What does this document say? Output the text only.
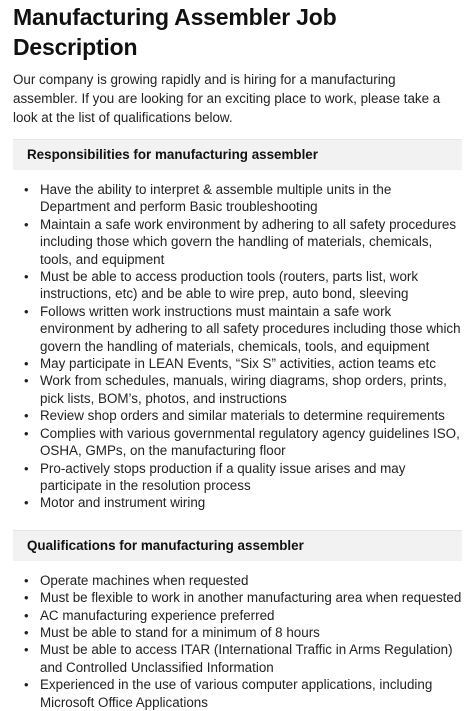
Manufacturing Assembler Job Description

Our company is growing rapidly and is hiring for a manufacturing assembler. If you are looking for an exciting place to work, please take a look at the list of qualifications below.

Responsibilities for manufacturing assembler
• Have the ability to interpret & assemble multiple units in the Department and perform Basic troubleshooting
• Maintain a safe work environment by adhering to all safety procedures including those which govern the handling of materials, chemicals, tools, and equipment
• Must be able to access production tools (routers, parts list, work instructions, etc) and be able to wire prep, auto bond, sleeving
• Follows written work instructions must maintain a safe work environment by adhering to all safety procedures including those which govern the handling of materials, chemicals, tools, and equipment
• May participate in LEAN Events, “Six S” activities, action teams etc
• Work from schedules, manuals, wiring diagrams, shop orders, prints, pick lists, BOM’s, photos, and instructions
• Review shop orders and similar materials to determine requirements
• Complies with various governmental regulatory agency guidelines ISO, OSHA, GMPs, on the manufacturing floor
• Pro-actively stops production if a quality issue arises and may participate in the resolution process
• Motor and instrument wiring
Qualifications for manufacturing assembler
• Operate machines when requested
• Must be flexible to work in another manufacturing area when requested
• AC manufacturing experience preferred
• Must be able to stand for a minimum of 8 hours
• Must be able to access ITAR (International Traffic in Arms Regulation) and Controlled Unclassified Information
• Experienced in the use of various computer applications, including Microsoft Office Applications
